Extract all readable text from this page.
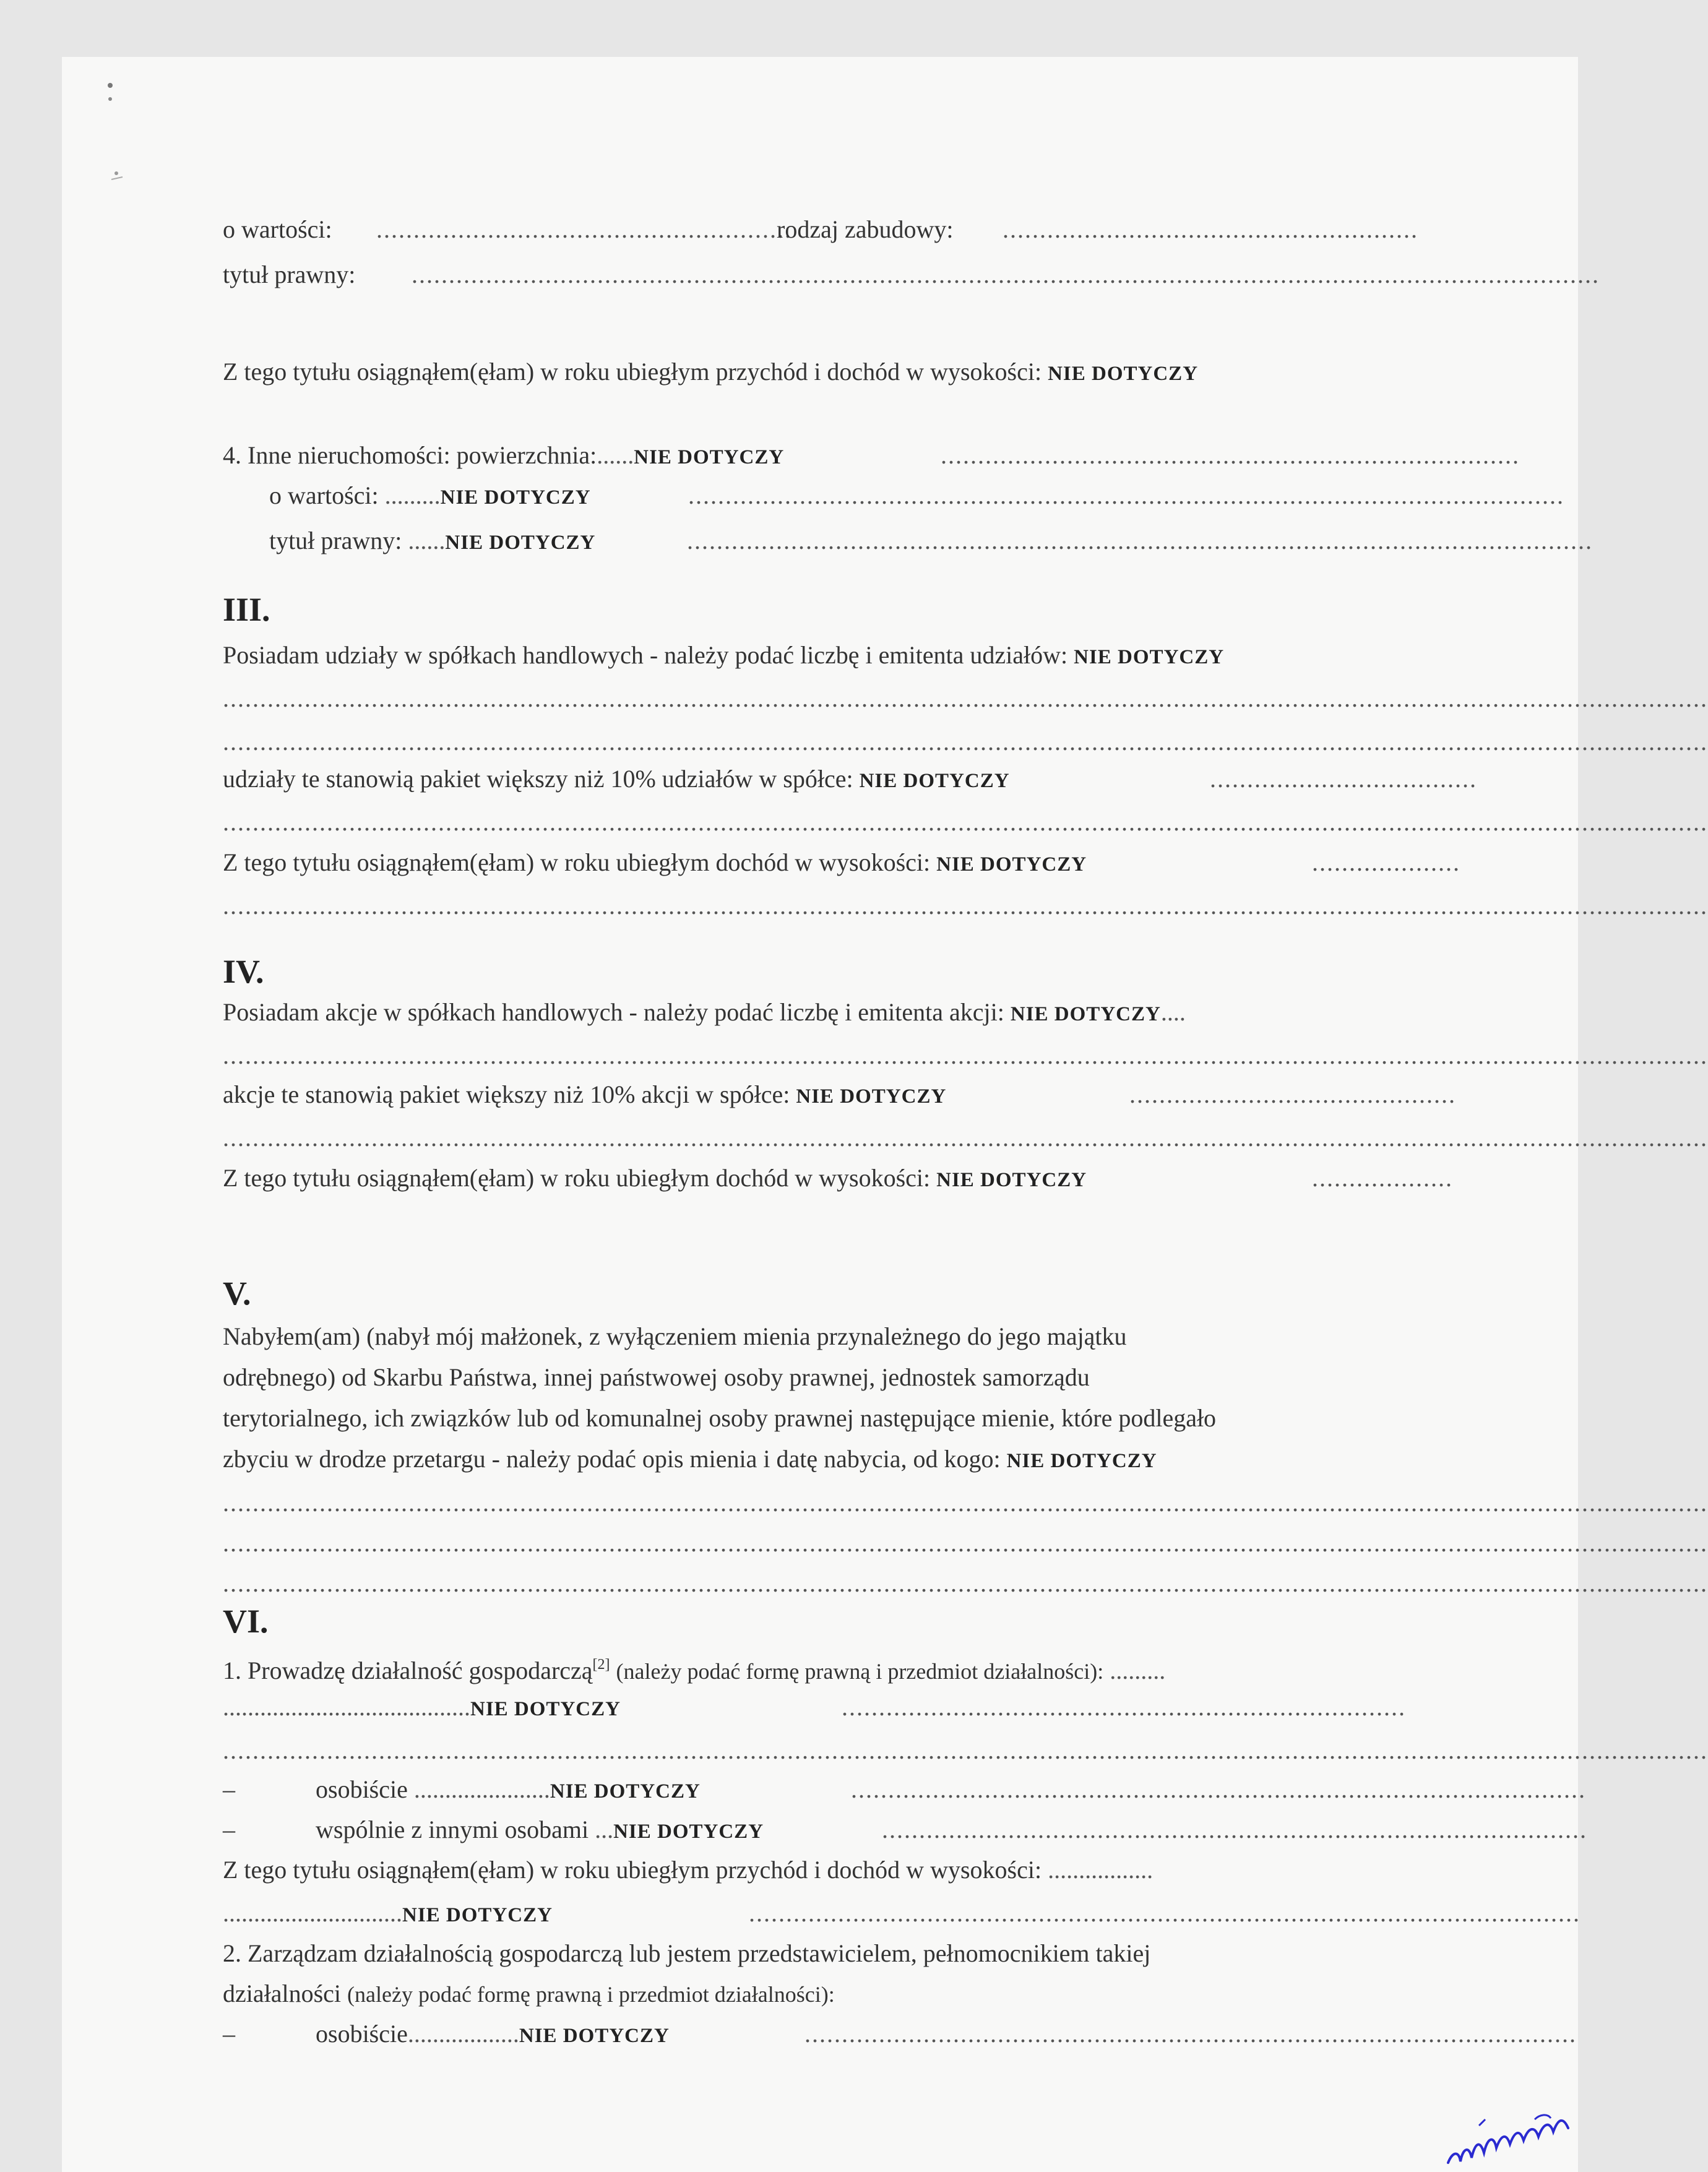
o wartości: ........................................................
rodzaj zabudowy: ........................................................
tytuł prawny: ................................................................................................................................................................
Z tego tytułu osiągnąłem(ęłam) w roku ubiegłym przychód i dochód w wysokości: NIE DOTYCZY
4. Inne nieruchomości: powierzchnia:......NIE DOTYCZY	..............................................................................
o wartości: .........NIE DOTYCZY	......................................................................................................................
tytuł prawny: ......NIE DOTYCZY	..........................................................................................................................
III.
Posiadam udziały w spółkach handlowych - należy podać liczbę i emitenta udziałów: NIE DOTYCZY
........................................................................................................................................................................................................
........................................................................................................................................................................................................
udziały te stanowią pakiet większy niż 10% udziałów w spółce: NIE DOTYCZY	....................................
........................................................................................................................................................................................................
Z tego tytułu osiągnąłem(ęłam) w roku ubiegłym dochód w wysokości: NIE DOTYCZY	....................
........................................................................................................................................................................................................
IV.
Posiadam akcje w spółkach handlowych - należy podać liczbę i emitenta akcji: NIE DOTYCZY....
........................................................................................................................................................................................................
akcje te stanowią pakiet większy niż 10% akcji w spółce: NIE DOTYCZY	............................................
........................................................................................................................................................................................................
Z tego tytułu osiągnąłem(ęłam) w roku ubiegłym dochód w wysokości: NIE DOTYCZY	...................
V.
Nabyłem(am) (nabył mój małżonek, z wyłączeniem mienia przynależnego do jego majątku
odrębnego) od Skarbu Państwa, innej państwowej osoby prawnej, jednostek samorządu
terytorialnego, ich związków lub od komunalnej osoby prawnej następujące mienie, które podlegało
zbyciu w drodze przetargu - należy podać opis mienia i datę nabycia, od kogo: NIE DOTYCZY
........................................................................................................................................................................................................
........................................................................................................................................................................................................
........................................................................................................................................................................................................
VI.
1. Prowadzę działalność gospodarczą[2] (należy podać formę prawną i przedmiot działalności): .........
........................................NIE DOTYCZY	............................................................................
........................................................................................................................................................................................................
–	osobiście ......................NIE DOTYCZY	...................................................................................................
–	wspólnie z innymi osobami ...NIE DOTYCZY	...............................................................................................
Z tego tytułu osiągnąłem(ęłam) w roku ubiegłym przychód i dochód w wysokości: .................
.............................NIE DOTYCZY	................................................................................................................
2. Zarządzam działalnością gospodarczą lub jestem przedstawicielem, pełnomocnikiem takiej
działalności (należy podać formę prawną i przedmiot działalności):
–	osobiście..................NIE DOTYCZY	........................................................................................................
